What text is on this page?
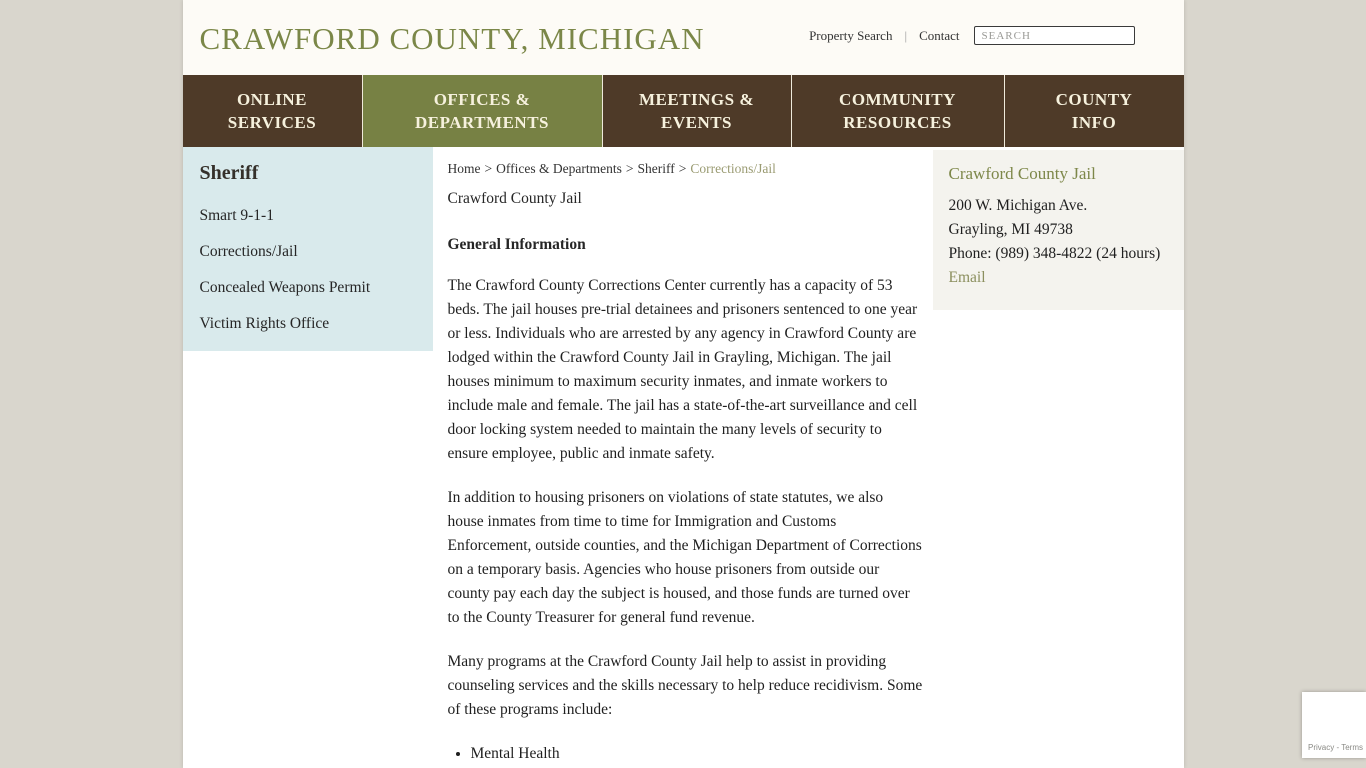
CRAWFORD COUNTY, MICHIGAN	Property Search | Contact
SEARCH
ONLINE
SERVICES
OFFICES &
DEPARTMENTS
MEETINGS &
EVENTS
COMMUNITY
RESOURCES
COUNTY
INFO
Sheriff
Smart 9-1-1
Corrections/Jail
Concealed Weapons Permit
Victim Rights Office
Home > Offices & Departments > Sheriff > Corrections/Jail
Crawford County Jail
General Information

The Crawford County Corrections Center currently has a capacity of 53 beds. The jail houses pre-trial detainees and prisoners sentenced to one year or less. Individuals who are arrested by any agency in Crawford County are lodged within the Crawford County Jail in Grayling, Michigan. The jail houses minimum to maximum security inmates, and inmate workers to include male and female. The jail has a state-of-the-art surveillance and cell door locking system needed to maintain the many levels of security to ensure employee, public and inmate safety.

In addition to housing prisoners on violations of state statutes, we also house inmates from time to time for Immigration and Customs Enforcement, outside counties, and the Michigan Department of Corrections on a temporary basis. Agencies who house prisoners from outside our county pay each day the subject is housed, and those funds are turned over to the County Treasurer for general fund revenue.

Many programs at the Crawford County Jail help to assist in providing counseling services and the skills necessary to help reduce recidivism. Some of these programs include:

• Mental Health
Crawford County Jail
200 W. Michigan Ave.
Grayling, MI 49738
Phone: (989) 348-4822 (24 hours)
Email
Privacy - Terms
